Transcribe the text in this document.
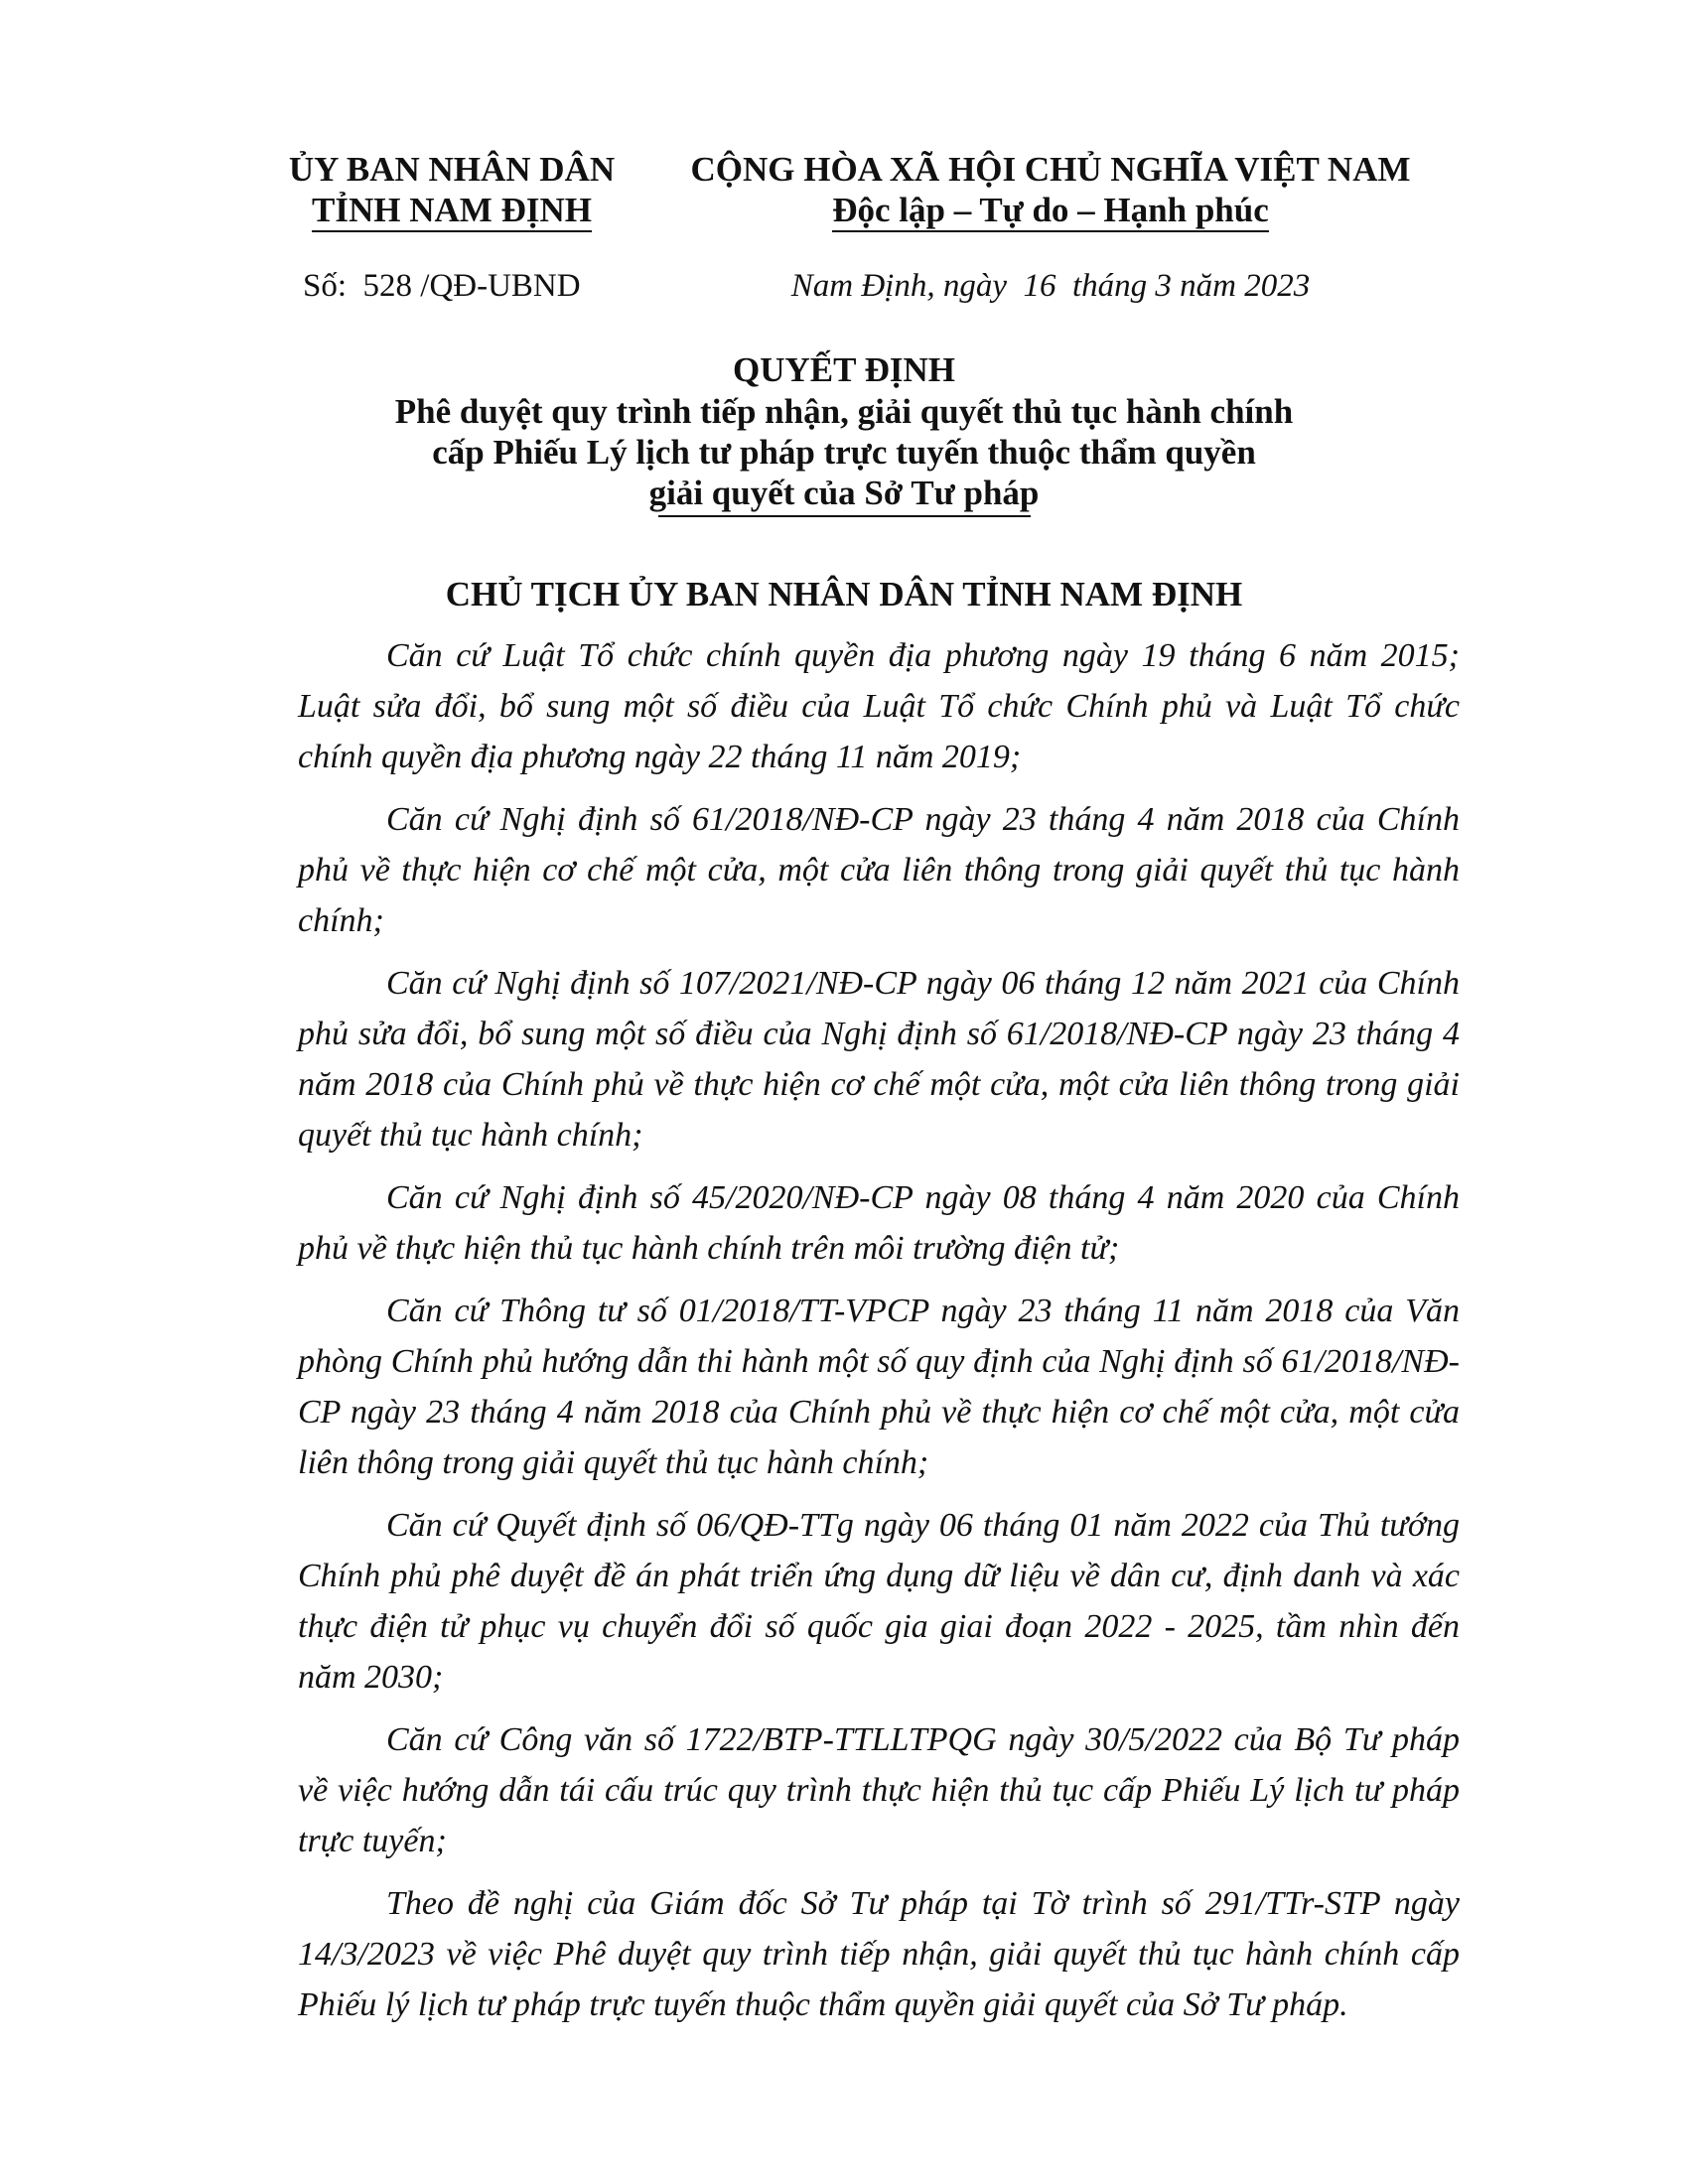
ỦY BAN NHÂN DÂN
TỈNH NAM ĐỊNH
CỘNG HÒA XÃ HỘI CHỦ NGHĨA VIỆT NAM
Độc lập – Tự do – Hạnh phúc
Số:  528 /QĐ-UBND	Nam Định, ngày  16  tháng 3 năm 2023
QUYẾT ĐỊNH
Phê duyệt quy trình tiếp nhận, giải quyết thủ tục hành chính
cấp Phiếu Lý lịch tư pháp trực tuyến thuộc thẩm quyền
giải quyết của Sở Tư pháp
CHỦ TỊCH ỦY BAN NHÂN DÂN TỈNH NAM ĐỊNH

Căn cứ Luật Tổ chức chính quyền địa phương ngày 19 tháng 6 năm 2015; Luật sửa đổi, bổ sung một số điều của Luật Tổ chức Chính phủ và Luật Tổ chức chính quyền địa phương ngày 22 tháng 11 năm 2019;

Căn cứ Nghị định số 61/2018/NĐ-CP ngày 23 tháng 4 năm 2018 của Chính phủ về thực hiện cơ chế một cửa, một cửa liên thông trong giải quyết thủ tục hành chính;

Căn cứ Nghị định số 107/2021/NĐ-CP ngày 06 tháng 12 năm 2021 của Chính phủ sửa đổi, bổ sung một số điều của Nghị định số 61/2018/NĐ-CP ngày 23 tháng 4 năm 2018 của Chính phủ về thực hiện cơ chế một cửa, một cửa liên thông trong giải quyết thủ tục hành chính;

Căn cứ Nghị định số 45/2020/NĐ-CP ngày 08 tháng 4 năm 2020 của Chính phủ về thực hiện thủ tục hành chính trên môi trường điện tử;

Căn cứ Thông tư số 01/2018/TT-VPCP ngày 23 tháng 11 năm 2018 của Văn phòng Chính phủ hướng dẫn thi hành một số quy định của Nghị định số 61/2018/NĐ-CP ngày 23 tháng 4 năm 2018 của Chính phủ về thực hiện cơ chế một cửa, một cửa liên thông trong giải quyết thủ tục hành chính;

Căn cứ Quyết định số 06/QĐ-TTg ngày 06 tháng 01 năm 2022 của Thủ tướng Chính phủ phê duyệt đề án phát triển ứng dụng dữ liệu về dân cư, định danh và xác thực điện tử phục vụ chuyển đổi số quốc gia giai đoạn 2022 - 2025, tầm nhìn đến năm 2030;

Căn cứ Công văn số 1722/BTP-TTLLTPQG ngày 30/5/2022 của Bộ Tư pháp về việc hướng dẫn tái cấu trúc quy trình thực hiện thủ tục cấp Phiếu Lý lịch tư pháp trực tuyến;

Theo đề nghị của Giám đốc Sở Tư pháp tại Tờ trình số 291/TTr-STP ngày 14/3/2023 về việc Phê duyệt quy trình tiếp nhận, giải quyết thủ tục hành chính cấp Phiếu lý lịch tư pháp trực tuyến thuộc thẩm quyền giải quyết của Sở Tư pháp.
